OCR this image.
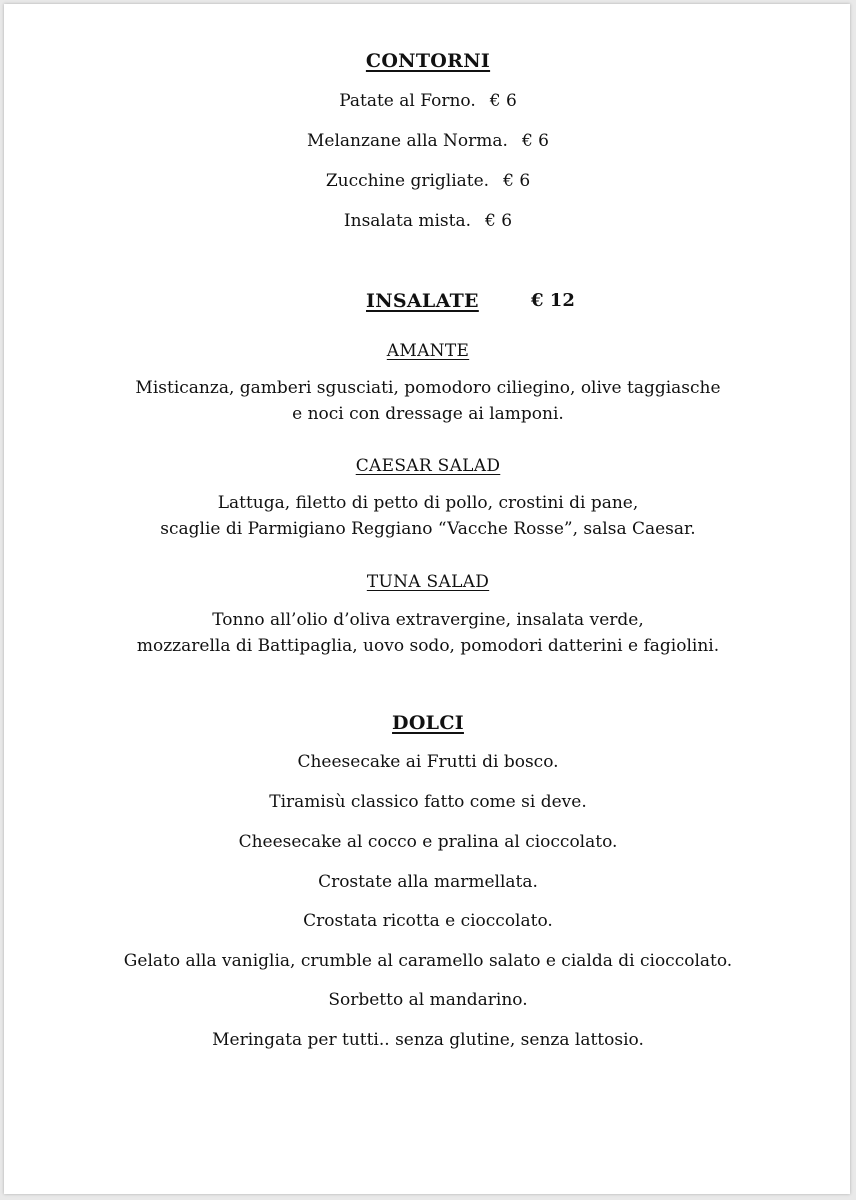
CONTORNI
Patate al Forno. € 6
Melanzane alla Norma. € 6
Zucchine grigliate. € 6
Insalata mista. € 6
INSALATE	€ 12
AMANTE
Misticanza, gamberi sgusciati, pomodoro ciliegino, olive taggiasche
e noci con dressage ai lamponi.
CAESAR SALAD
Lattuga, filetto di petto di pollo, crostini di pane,
scaglie di Parmigiano Reggiano “Vacche Rosse”, salsa Caesar.
TUNA SALAD
Tonno all’olio d’oliva extravergine, insalata verde,
mozzarella di Battipaglia, uovo sodo, pomodori datterini e fagiolini.
DOLCI
Cheesecake ai Frutti di bosco.
Tiramisù classico fatto come si deve.
Cheesecake al cocco e pralina al cioccolato.
Crostate alla marmellata.
Crostata ricotta e cioccolato.
Gelato alla vaniglia, crumble al caramello salato e cialda di cioccolato.
Sorbetto al mandarino.
Meringata per tutti.. senza glutine, senza lattosio.
